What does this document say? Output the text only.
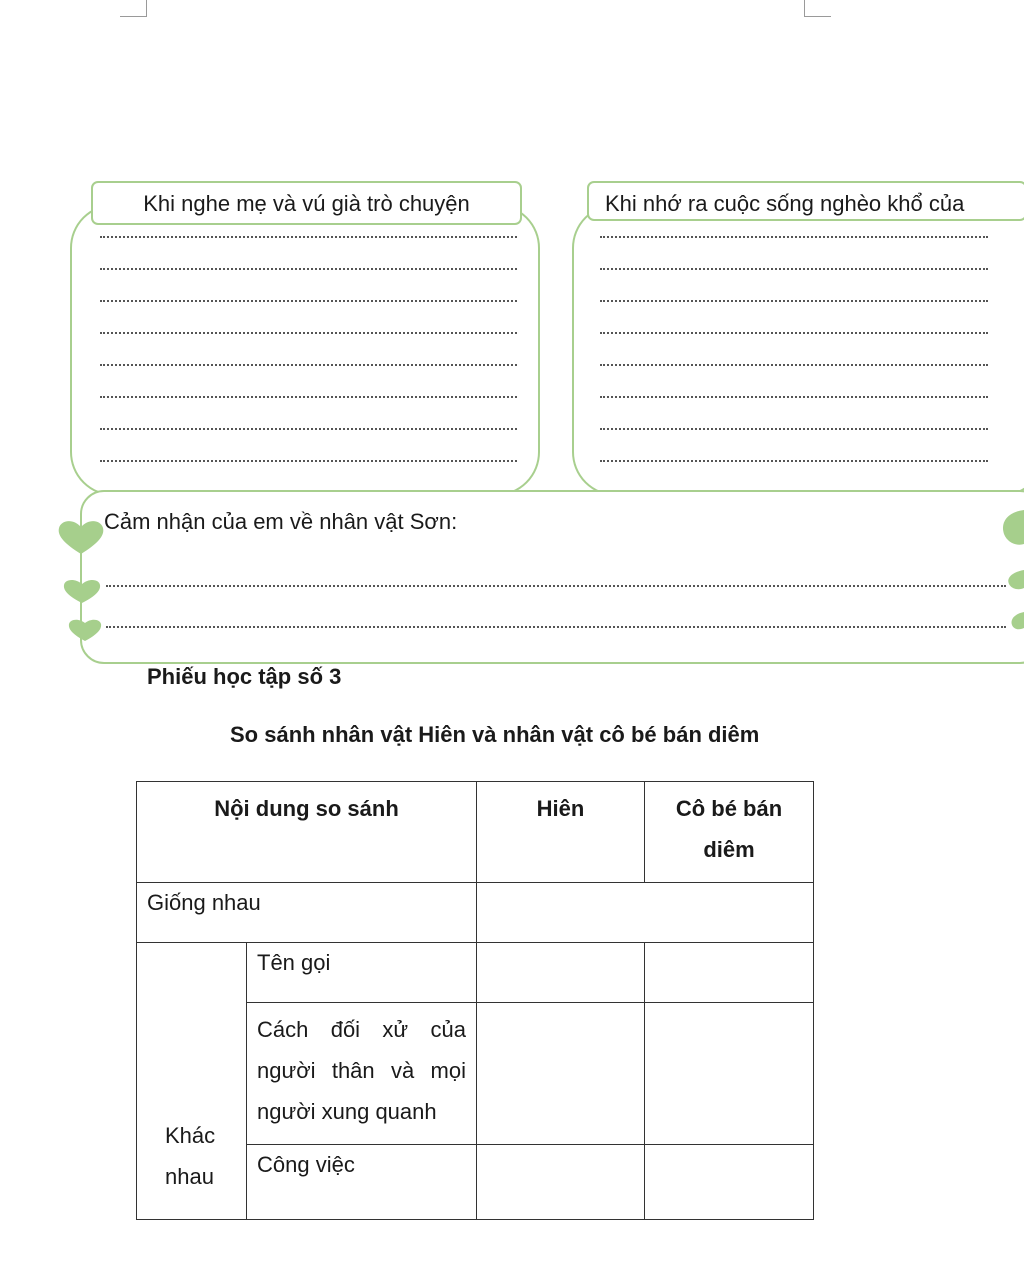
Khi nghe mẹ và vú già trò chuyện	Khi nhớ ra cuộc sống nghèo khổ của
Cảm nhận của em về nhân vật Sơn:
Phiếu học tập số 3
So sánh nhân vật Hiên và nhân vật cô bé bán diêm
Nội dung so sánh		Hiên	Cô bé bán diêm
Giống nhau			
Khác nhau	Tên gọi		
	Cách đối xử của người thân và mọi người xung quanh		
	Công việc		
